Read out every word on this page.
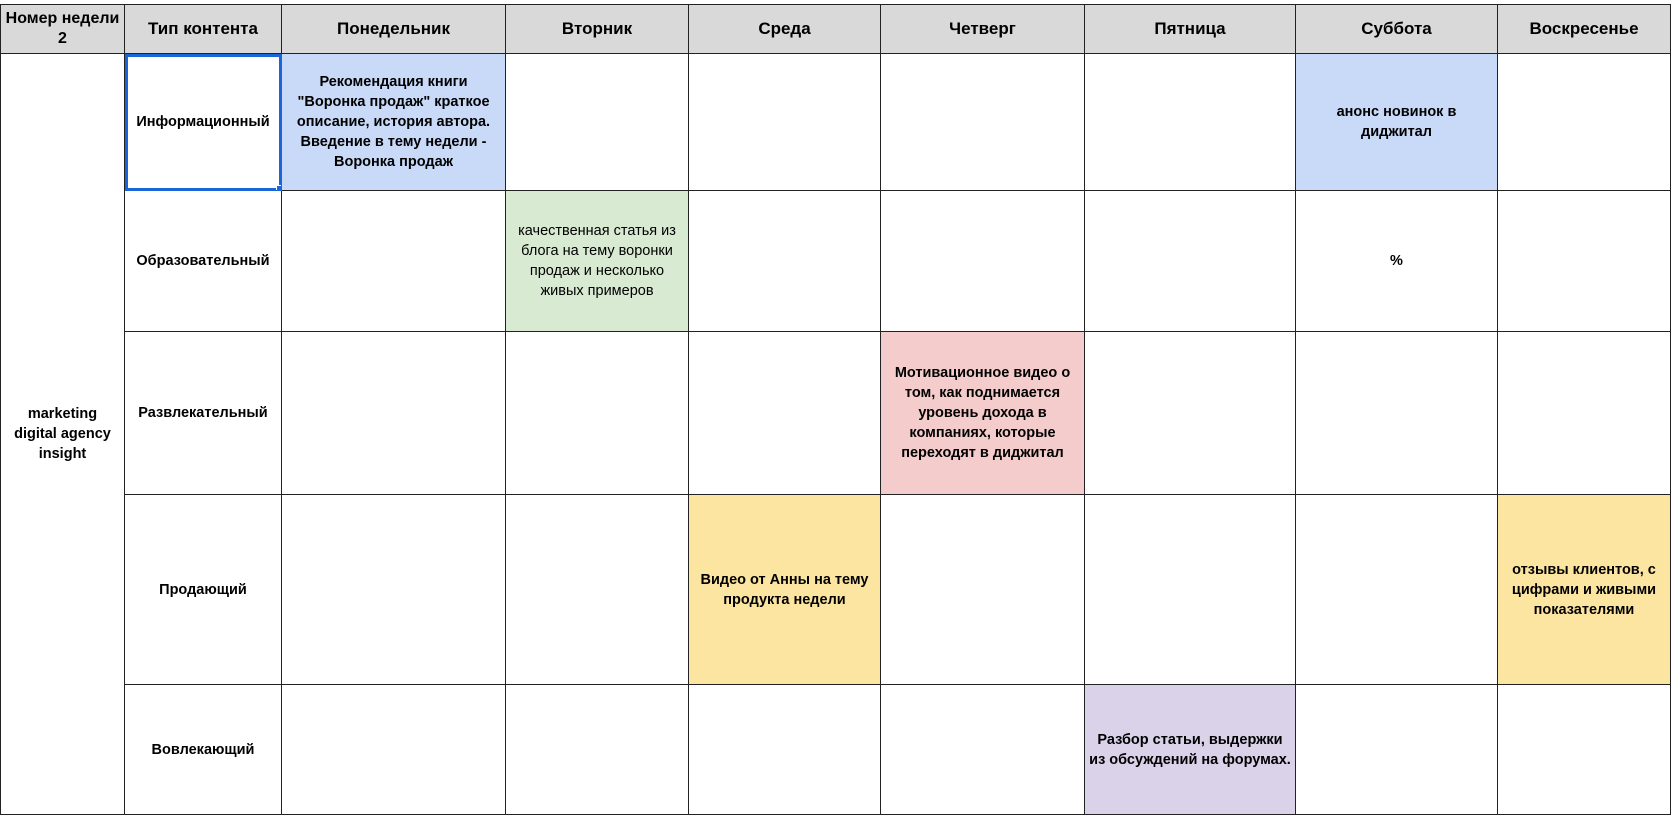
Номер недели 2	Тип контента	Понедельник	Вторник	Среда	Четверг	Пятница	Суббота	Воскресенье
marketing digital agency insight	Информационный	Рекомендация книги "Воронка продаж" краткое описание, история автора. Введение в тему недели - Воронка продаж					анонс новинок в диджитал	
	Образовательный		качественная статья из блога на тему воронки продаж и несколько живых примеров				%	
	Развлекательный				Мотивационное видео о том, как поднимается уровень дохода в компаниях, которые переходят в диджитал			
	Продающий			Видео от Анны на тему продукта недели				отзывы клиентов, с цифрами и живыми показателями
	Вовлекающий					Разбор статьи, выдержки из обсуждений на форумах.		
